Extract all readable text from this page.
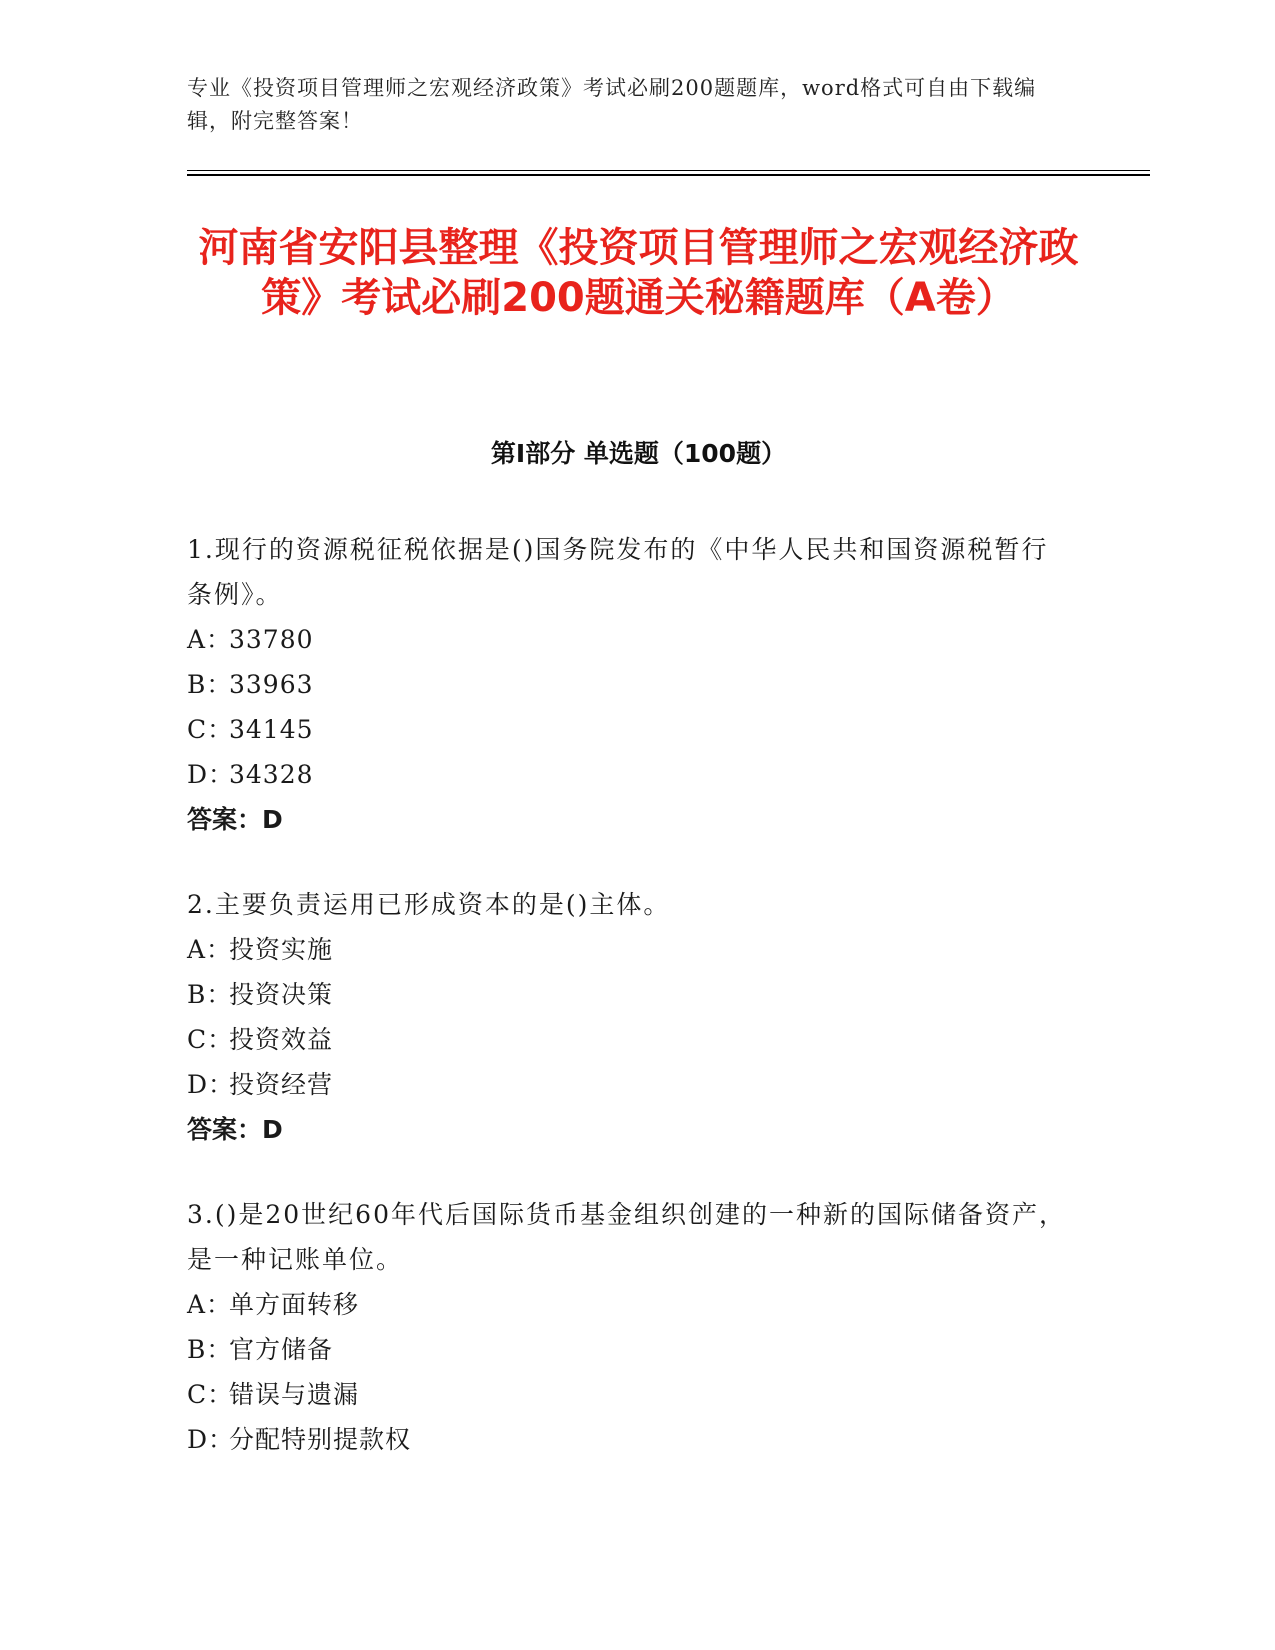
专业《投资项目管理师之宏观经济政策》考试必刷200题题库，word格式可自由下载编辑，附完整答案！
河南省安阳县整理《投资项目管理师之宏观经济政策》考试必刷200题通关秘籍题库（A卷）
第I部分 单选题（100题）

1.现行的资源税征税依据是()国务院发布的《中华人民共和国资源税暂行条例》。

A：33780

B：33963

C：34145

D：34328

答案：D

2.主要负责运用已形成资本的是()主体。

A：投资实施

B：投资决策

C：投资效益

D：投资经营

答案：D

3.()是20世纪60年代后国际货币基金组织创建的一种新的国际储备资产，是一种记账单位。

A：单方面转移

B：官方储备

C：错误与遗漏

D：分配特别提款权
